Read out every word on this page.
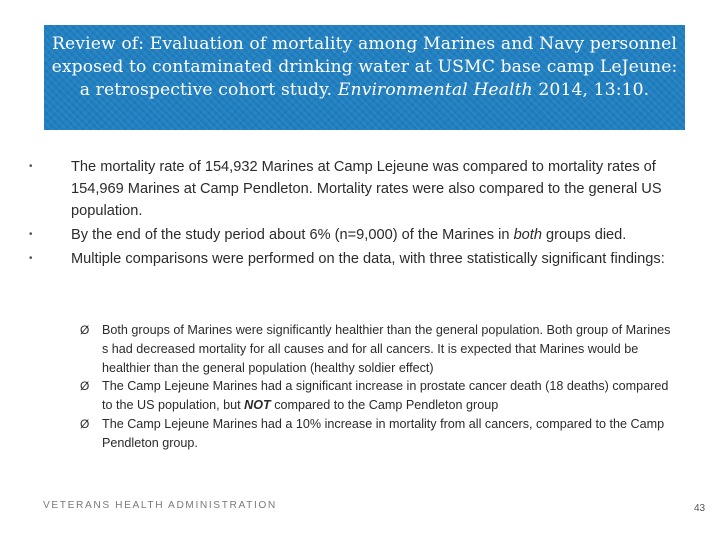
Review of: Evaluation of mortality among Marines and Navy personnel exposed to contaminated drinking water at USMC base camp LeJeune: a retrospective cohort study. Environmental Health 2014, 13:10.
•	The mortality rate of 154,932 Marines at Camp Lejeune was compared to mortality rates of 154,969 Marines at Camp Pendleton. Mortality rates were also compared to the general US population.
•	By the end of the study period about 6% (n=9,000) of the Marines in both groups died.
•	Multiple comparisons were performed on the data, with three statistically significant findings:
Ø Both groups of Marines were significantly healthier than the general population. Both group of Marines s had decreased mortality for all causes and for all cancers. It is expected that Marines would be healthier than the general population (healthy soldier effect)
Ø The Camp Lejeune Marines had a significant increase in prostate cancer death (18 deaths) compared to the US population, but NOT compared to the Camp Pendleton group
Ø The Camp Lejeune Marines had a 10% increase in mortality from all cancers, compared to the Camp Pendleton group.
VETERANS HEALTH ADMINISTRATION	43
